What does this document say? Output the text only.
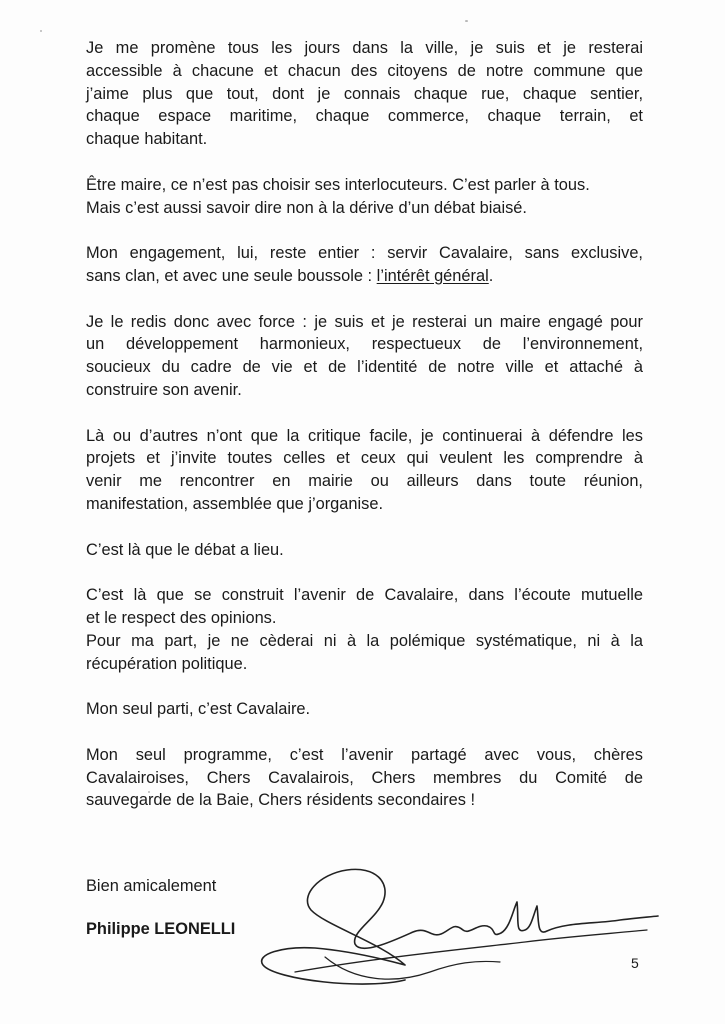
Je me promène tous les jours dans la ville, je suis et je resterai
accessible à chacune et chacun des citoyens de notre commune que
j’aime plus que tout, dont je connais chaque rue, chaque sentier,
chaque espace maritime, chaque commerce, chaque terrain, et
chaque habitant.

Être maire, ce n’est pas choisir ses interlocuteurs. C’est parler à tous.
Mais c’est aussi savoir dire non à la dérive d’un débat biaisé.

Mon engagement, lui, reste entier : servir Cavalaire, sans exclusive,
sans clan, et avec une seule boussole : l’intérêt général.

Je le redis donc avec force : je suis et je resterai un maire engagé pour
un développement harmonieux, respectueux de l’environnement,
soucieux du cadre de vie et de l’identité de notre ville et attaché à
construire son avenir.

Là ou d’autres n’ont que la critique facile, je continuerai à défendre les
projets et j’invite toutes celles et ceux qui veulent les comprendre à
venir me rencontrer en mairie ou ailleurs dans toute réunion,
manifestation, assemblée que j’organise.

C’est là que le débat a lieu.

C’est là que se construit l’avenir de Cavalaire, dans l’écoute mutuelle
et le respect des opinions.
Pour ma part, je ne cèderai ni à la polémique systématique, ni à la
récupération politique.

Mon seul parti, c’est Cavalaire.

Mon seul programme, c’est l’avenir partagé avec vous, chères
Cavalairoises, Chers Cavalairois, Chers membres du Comité de
sauvegarde de la Baie, Chers résidents secondaires !

Bien amicalement
Philippe LEONELLI
5
